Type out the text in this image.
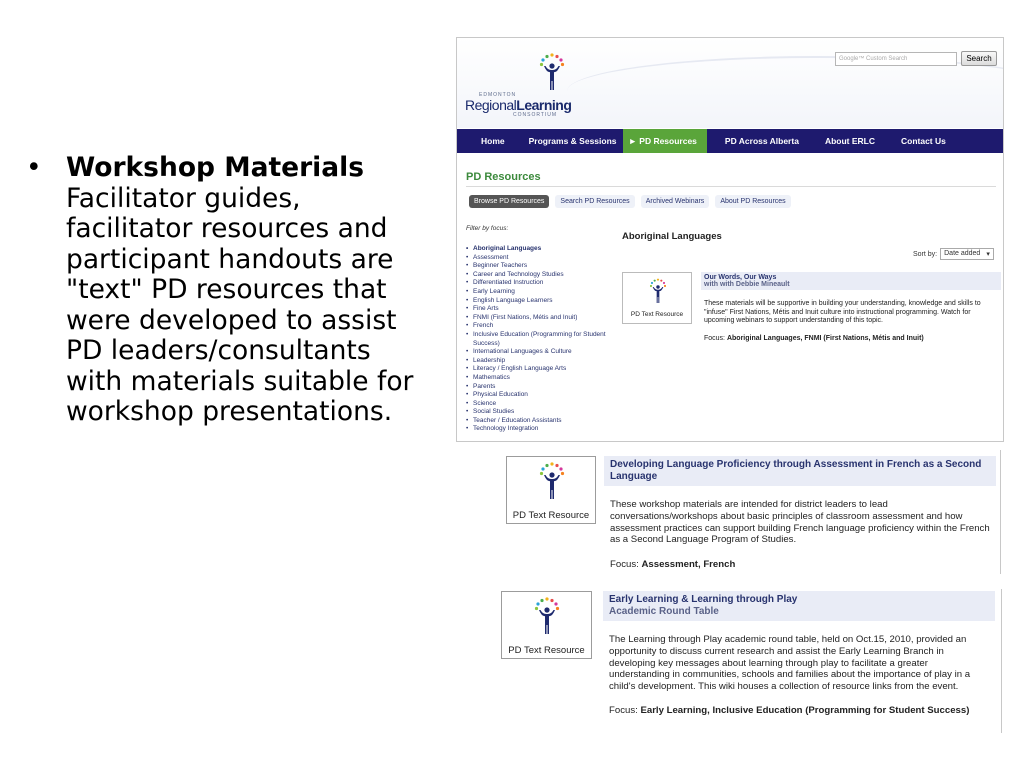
• Workshop Materials
Facilitator guides, facilitator resources and participant handouts are "text" PD resources that were developed to assist PD leaders/consultants with materials suitable for workshop presentations.
EDMONTON
RegionalLearning
CONSORTIUM
Google™ Custom Search	Search
Home	Programs & Sessions	► PD Resources	PD Across Alberta	About ERLC	Contact Us
PD Resources
Browse PD Resources	Search PD Resources	Archived Webinars	About PD Resources
Filter by focus:
• Aboriginal Languages
• Assessment
• Beginner Teachers
• Career and Technology Studies
• Differentiated Instruction
• Early Learning
• English Language Learners
• Fine Arts
• FNMI (First Nations, Métis and Inuit)
• French
• Inclusive Education (Programming for Student Success)
• International Languages & Culture
• Leadership
• Literacy / English Language Arts
• Mathematics
• Parents
• Physical Education
• Science
• Social Studies
• Teacher / Education Assistants
• Technology Integration
Aboriginal Languages
Sort by: Date added ▾
PD Text Resource
Our Words, Our Ways
with with Debbie Mineault
These materials will be supportive in building your understanding, knowledge and skills to "infuse" First Nations, Métis and Inuit culture into instructional programming. Watch for upcoming webinars to support understanding of this topic.
Focus: Aboriginal Languages, FNMI (First Nations, Métis and Inuit)
PD Text Resource
Developing Language Proficiency through Assessment in French as a Second Language
These workshop materials are intended for district leaders to lead conversations/workshops about basic principles of classroom assessment and how assessment practices can support building French language proficiency within the French as a Second Language Program of Studies.
Focus: Assessment, French
PD Text Resource
Early Learning & Learning through Play
Academic Round Table
The Learning through Play academic round table, held on Oct.15, 2010, provided an opportunity to discuss current research and assist the Early Learning Branch in developing key messages about learning through play to facilitate a greater understanding in communities, schools and families about the importance of play in a child's development. This wiki houses a collection of resource links from the event.
Focus: Early Learning, Inclusive Education (Programming for Student Success)
